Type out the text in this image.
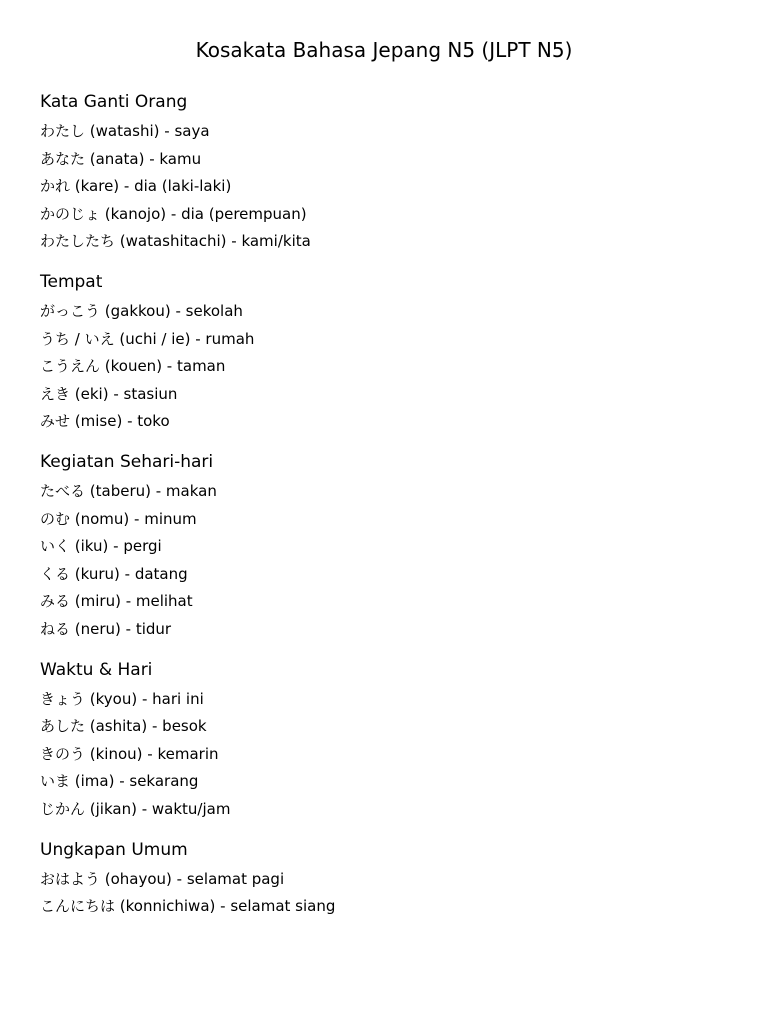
Kosakata Bahasa Jepang N5 (JLPT N5)
Kata Ganti Orang

わたし (watashi) - saya

あなた (anata) - kamu

かれ (kare) - dia (laki-laki)

かのじょ (kanojo) - dia (perempuan)

わたしたち (watashitachi) - kami/kita

Tempat

がっこう (gakkou) - sekolah

うち / いえ (uchi / ie) - rumah

こうえん (kouen) - taman

えき (eki) - stasiun

みせ (mise) - toko

Kegiatan Sehari-hari

たべる (taberu) - makan

のむ (nomu) - minum

いく (iku) - pergi

くる (kuru) - datang

みる (miru) - melihat

ねる (neru) - tidur

Waktu & Hari

きょう (kyou) - hari ini

あした (ashita) - besok

きのう (kinou) - kemarin

いま (ima) - sekarang

じかん (jikan) - waktu/jam

Ungkapan Umum

おはよう (ohayou) - selamat pagi

こんにちは (konnichiwa) - selamat siang
